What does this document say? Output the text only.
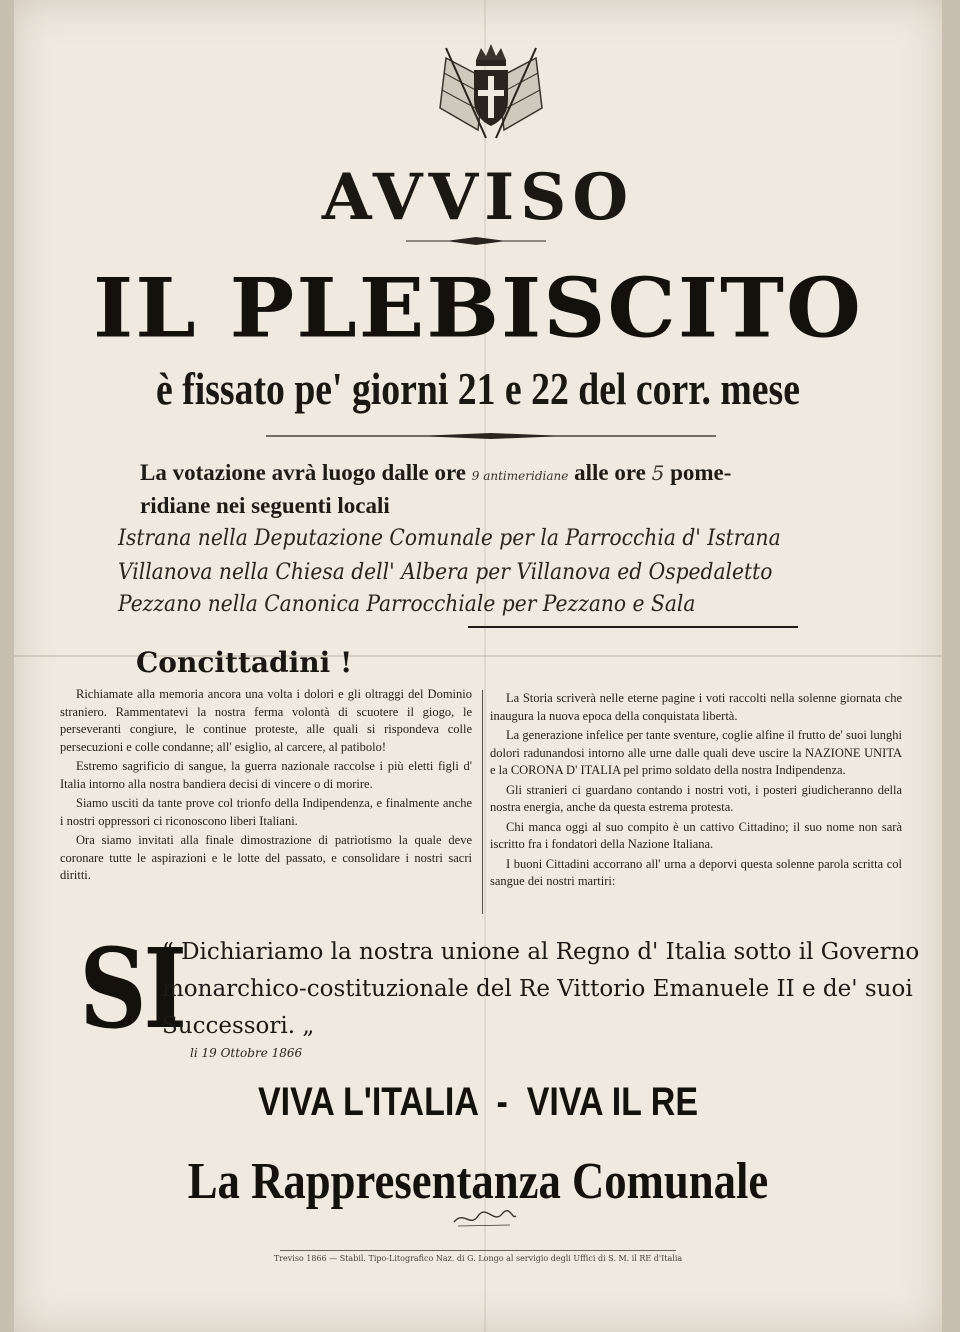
AVVISO
IL PLEBISCITO
è fissato pe' giorni 21 e 22 del corr. mese
La votazione avrà luogo dalle ore 9 antimeridiane alle ore 5 pome-
ridiane nei seguenti locali
Istrana nella Deputazione Comunale per la Parrocchia d' Istrana
Villanova nella Chiesa dell' Albera per Villanova ed Ospedaletto
Pezzano nella Canonica Parrocchiale per Pezzano e Sala
Concittadini !

Richiamate alla memoria ancora una volta i dolori e gli oltraggi del Dominio straniero. Rammentatevi la nostra ferma volontà di scuotere il giogo, le perseveranti congiure, le continue proteste, alle quali si rispondeva colle persecuzioni e colle condanne; all' esiglio, al carcere, al patibolo!

Estremo sagrificio di sangue, la guerra nazionale raccolse i più eletti figli d' Italia intorno alla nostra bandiera decisi di vincere o di morire.

Siamo usciti da tante prove col trionfo della Indipendenza, e finalmente anche i nostri oppressori ci riconoscono liberi Italiani.

Ora siamo invitati alla finale dimostrazione di patriotismo la quale deve coronare tutte le aspirazioni e le lotte del passato, e consolidare i nostri sacri diritti.

La Storia scriverà nelle eterne pagine i voti raccolti nella solenne giornata che inaugura la nuova epoca della conquistata libertà.

La generazione infelice per tante sventure, coglie alfine il frutto de' suoi lunghi dolori radunandosi intorno alle urne dalle quali deve uscire la NAZIONE UNITA e la CORONA D' ITALIA pel primo soldato della nostra Indipendenza.

Gli stranieri ci guardano contando i nostri voti, i posteri giudicheranno della nostra energia, anche da questa estrema protesta.

Chi manca oggi al suo compito è un cattivo Cittadino; il suo nome non sarà iscritto fra i fondatori della Nazione Italiana.

I buoni Cittadini accorrano all' urna a deporvi questa solenne parola scritta col sangue dei nostri martiri:

SI
“ Dichiariamo la nostra unione al Regno d' Italia sotto il Governo monarchico-costituzionale del Re Vittorio Emanuele II e de' suoi Successori. „
li 19 Ottobre 1866
VIVA L'ITALIA  -  VIVA IL RE
La Rappresentanza Comunale
Treviso 1866 — Stabil. Tipo-Litografico Naz. di G. Longo al servigio degli Uffici di S. M. il RE d'Italia
